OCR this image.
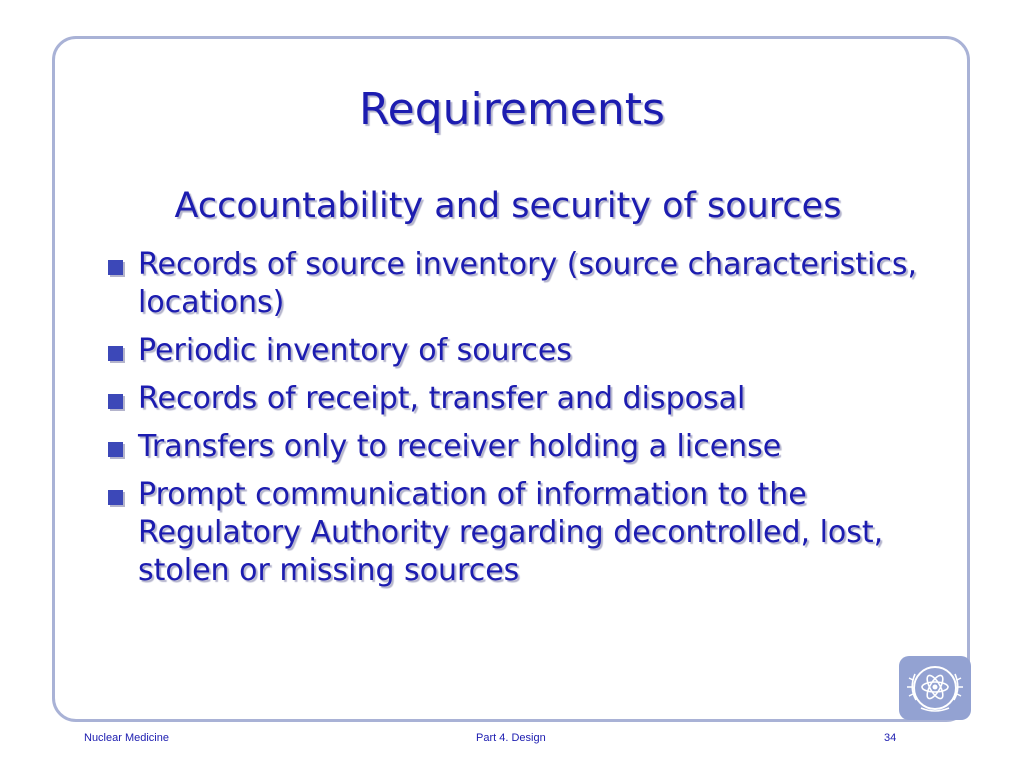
Requirements
Accountability and security of sources
Records of source inventory (source characteristics, locations)
Periodic inventory of sources
Records of receipt, transfer and disposal
Transfers only to receiver holding a license
Prompt communication of information to the Regulatory Authority regarding decontrolled, lost, stolen or missing sources
Nuclear Medicine	Part 4. Design	34
